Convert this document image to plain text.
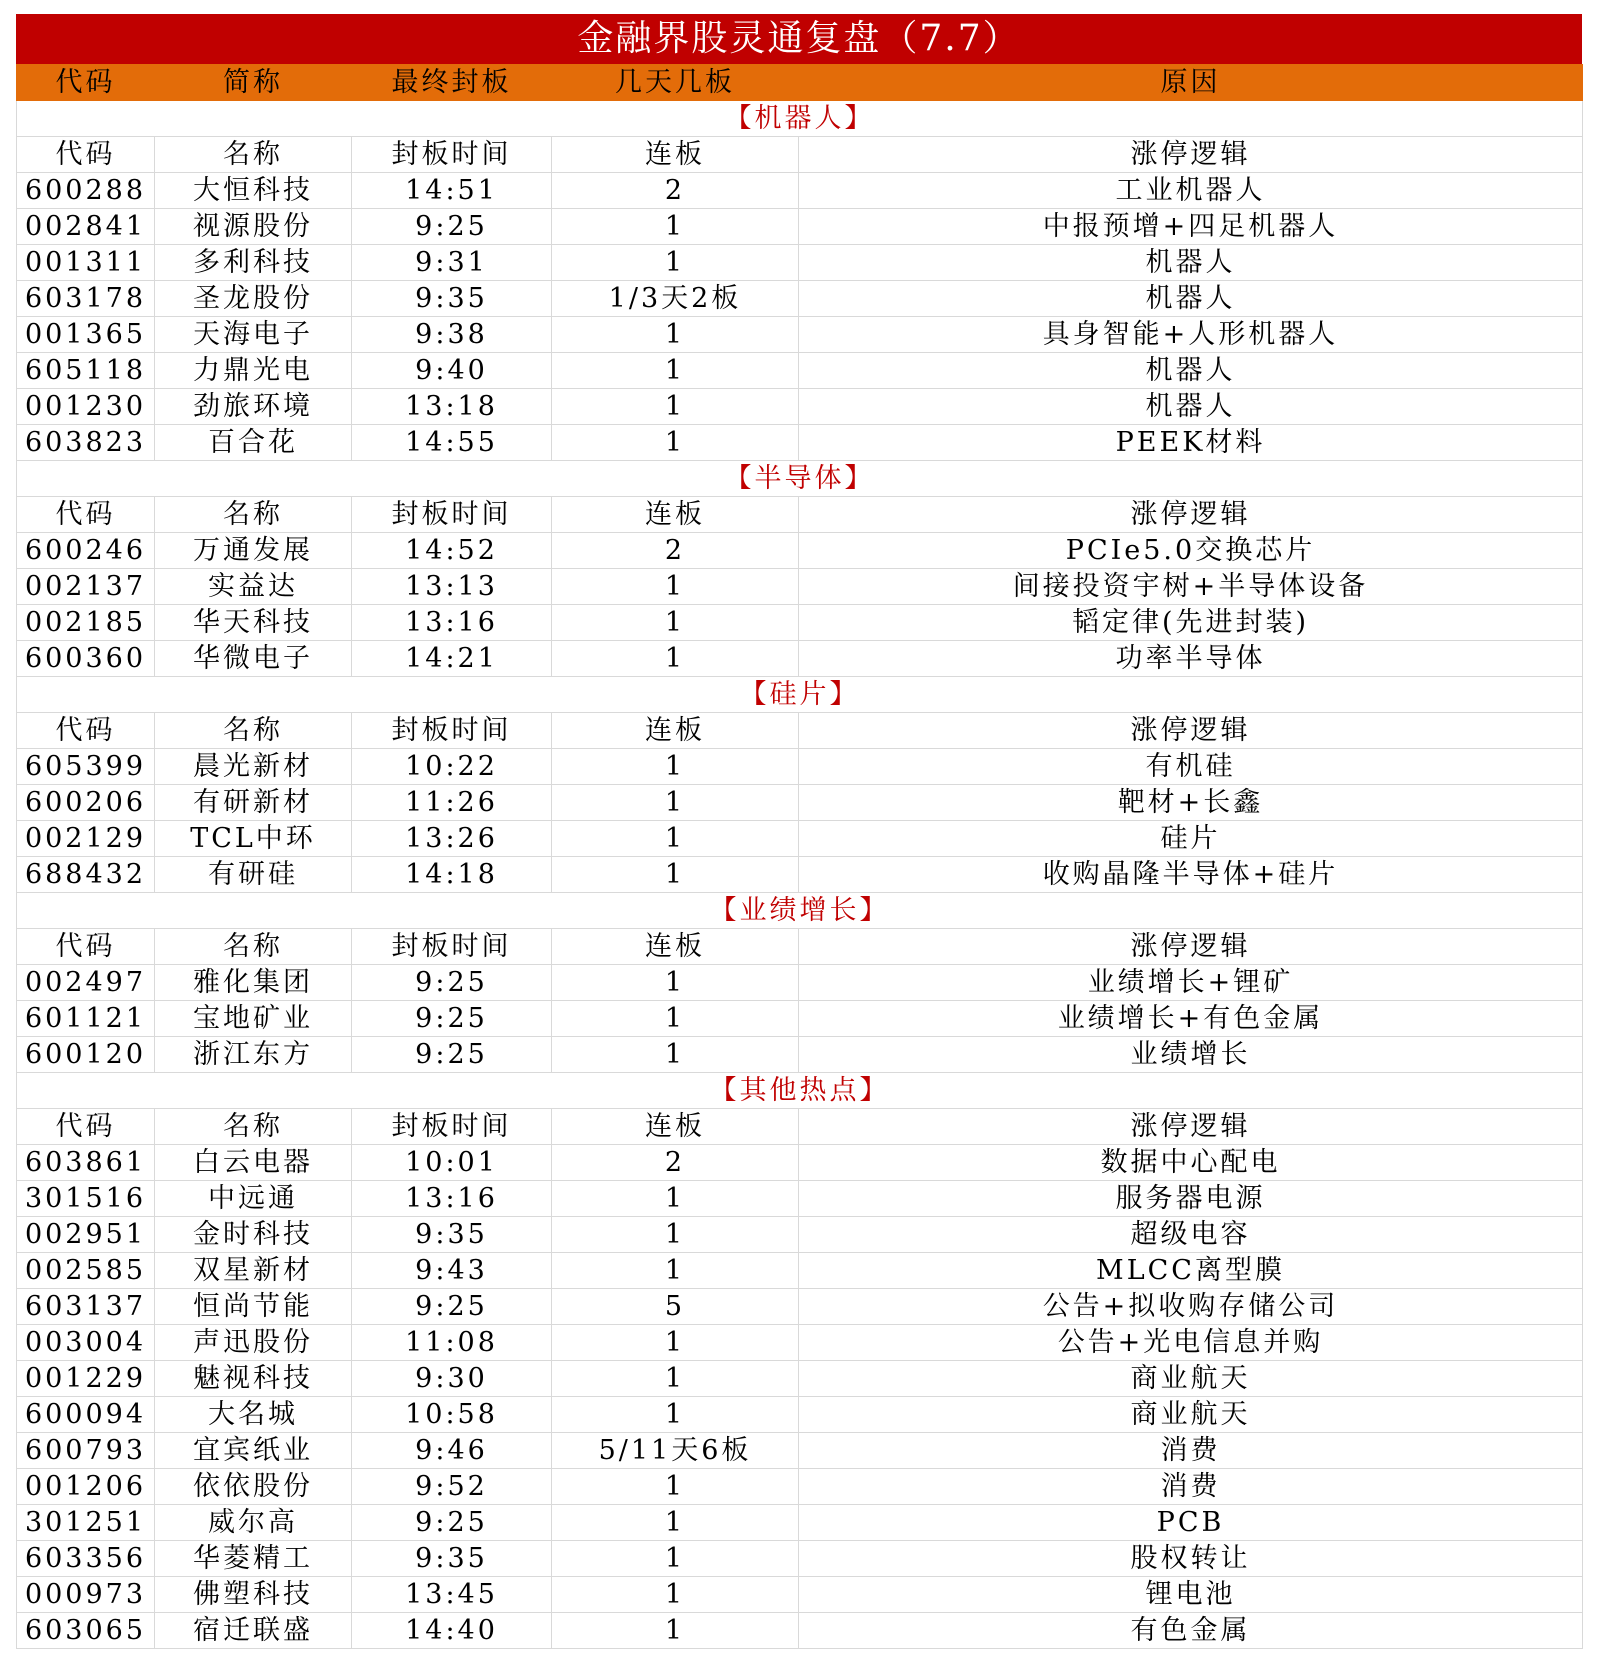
金融界股灵通复盘（7.7）
代码	简称	最终封板	几天几板	原因
【机器人】				
代码	名称	封板时间	连板	涨停逻辑
600288	大恒科技	14:51	2	工业机器人
002841	视源股份	9:25	1	中报预增+四足机器人
001311	多利科技	9:31	1	机器人
603178	圣龙股份	9:35	1/3天2板	机器人
001365	天海电子	9:38	1	具身智能+人形机器人
605118	力鼎光电	9:40	1	机器人
001230	劲旅环境	13:18	1	机器人
603823	百合花	14:55	1	PEEK材料
【半导体】				
代码	名称	封板时间	连板	涨停逻辑
600246	万通发展	14:52	2	PCIe5.0交换芯片
002137	实益达	13:13	1	间接投资宇树+半导体设备
002185	华天科技	13:16	1	韬定律(先进封装)
600360	华微电子	14:21	1	功率半导体
【硅片】				
代码	名称	封板时间	连板	涨停逻辑
605399	晨光新材	10:22	1	有机硅
600206	有研新材	11:26	1	靶材+长鑫
002129	TCL中环	13:26	1	硅片
688432	有研硅	14:18	1	收购晶隆半导体+硅片
【业绩增长】				
代码	名称	封板时间	连板	涨停逻辑
002497	雅化集团	9:25	1	业绩增长+锂矿
601121	宝地矿业	9:25	1	业绩增长+有色金属
600120	浙江东方	9:25	1	业绩增长
【其他热点】				
代码	名称	封板时间	连板	涨停逻辑
603861	白云电器	10:01	2	数据中心配电
301516	中远通	13:16	1	服务器电源
002951	金时科技	9:35	1	超级电容
002585	双星新材	9:43	1	MLCC离型膜
603137	恒尚节能	9:25	5	公告+拟收购存储公司
003004	声迅股份	11:08	1	公告+光电信息并购
001229	魅视科技	9:30	1	商业航天
600094	大名城	10:58	1	商业航天
600793	宜宾纸业	9:46	5/11天6板	消费
001206	依依股份	9:52	1	消费
301251	威尔高	9:25	1	PCB
603356	华菱精工	9:35	1	股权转让
000973	佛塑科技	13:45	1	锂电池
603065	宿迁联盛	14:40	1	有色金属
